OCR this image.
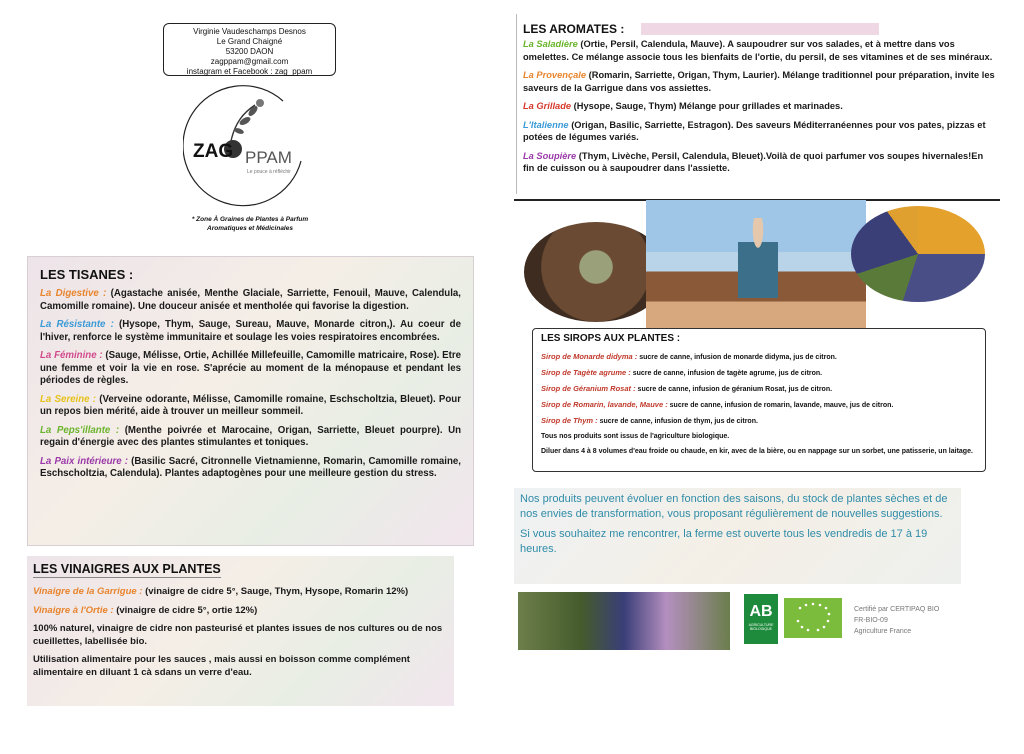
Virginie Vaudeschamps Desnos
Le Grand Chaigné
53200 DAON
zagppam@gmail.com
instagram et Facebook : zag_ppam
ZAG PPAM
Le pouce à réfléchir
* Zone À Graines de Plantes à Parfum
Aromatiques et Médicinales
LES TISANES :
La Digestive : (Agastache anisée, Menthe Glaciale, Sarriette, Fenouil, Mauve, Calendula, Camomille romaine). Une douceur anisée et mentholée qui favorise la digestion.
La Résistante : (Hysope, Thym, Sauge, Sureau, Mauve, Monarde citron,). Au coeur de l'hiver, renforce le système immunitaire et soulage les voies respiratoires encombrées.
La Féminine : (Sauge, Mélisse, Ortie, Achillée Millefeuille, Camomille matricaire, Rose). Etre une femme et voir la vie en rose. S'aprécie au moment de la ménopause et pendant les périodes de règles.
La Sereine : (Verveine odorante, Mélisse, Camomille romaine, Eschscholtzia, Bleuet). Pour un repos bien mérité, aide à trouver un meilleur sommeil.
La Peps'illante : (Menthe poivrée et Marocaine, Origan, Sarriette, Bleuet pourpre). Un regain d'énergie avec des plantes stimulantes et toniques.
La Paix intérieure : (Basilic Sacré, Citronnelle Vietnamienne, Romarin, Camomille romaine, Eschscholtzia, Calendula). Plantes adaptogènes pour une meilleure gestion du stress.
LES VINAIGRES AUX PLANTES
Vinaigre de la Garrigue : (vinaigre de cidre 5°, Sauge, Thym, Hysope, Romarin 12%)
Vinaigre à l'Ortie : (vinaigre de cidre 5°, ortie 12%)
100% naturel, vinaigre de cidre non pasteurisé et plantes issues de nos cultures ou de nos cueillettes, labellisée bio.
Utilisation alimentaire pour les sauces , mais aussi en boisson comme complément alimentaire en diluant 1 cà sdans un verre d'eau.
LES AROMATES :
La Saladière (Ortie, Persil, Calendula, Mauve). A saupoudrer sur vos salades, et à mettre dans vos omelettes. Ce mélange associe tous les bienfaits de l'ortie, du persil, de ses vitamines et de ses minéraux.
La Provençale (Romarin, Sarriette, Origan, Thym, Laurier). Mélange traditionnel pour préparation, invite les saveurs de la Garrigue dans vos assiettes.
La Grillade (Hysope, Sauge, Thym) Mélange pour grillades et marinades.
L'Italienne (Origan, Basilic, Sarriette, Estragon). Des saveurs Méditerranéennes pour vos pates, pizzas et potées de légumes variés.
La Soupière (Thym, Livèche, Persil, Calendula, Bleuet).Voilà de quoi parfumer vos soupes hivernales!En fin de cuisson ou à saupoudrer dans l'assiette.
LES SIROPS AUX PLANTES :
Sirop de Monarde didyma : sucre de canne, infusion de monarde didyma, jus de citron.
Sirop de Tagète agrume : sucre de canne, infusion de tagète agrume, jus de citron.
Sirop de Géranium Rosat : sucre de canne, infusion de géranium Rosat, jus de citron.
Sirop de Romarin, lavande, Mauve : sucre de canne, infusion de romarin, lavande, mauve, jus de citron.
Sirop de Thym : sucre de canne, infusion de thym, jus de citron.
Tous nos produits sont issus de l'agriculture biologique.
Diluer dans 4 à 8 volumes d'eau froide ou chaude, en kir, avec de la bière, ou en nappage sur un sorbet, une patisserie, un laitage.
Nos produits peuvent évoluer en fonction des saisons, du stock de plantes sèches et de nos envies de transformation, vous proposant régulièrement de nouvelles suggestions.
Si vous souhaitez me rencontrer, la ferme est ouverte tous les vendredis de 17 à 19 heures.
AB
AGRICULTURE BIOLOGIQUE
Certifié par CERTIPAQ BIO
FR-BIO-09
Agriculture France
